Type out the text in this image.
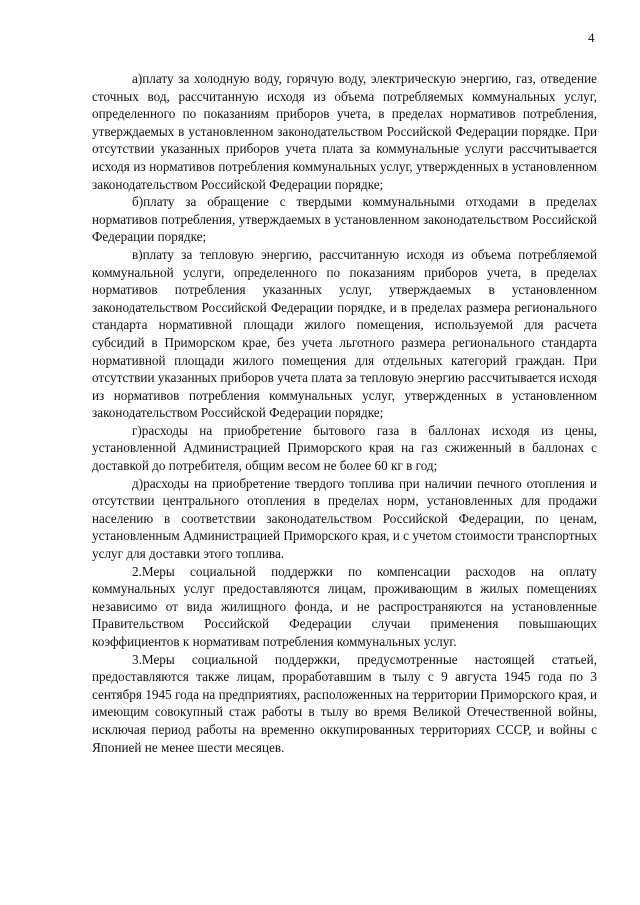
4

а)плату за холодную воду, горячую воду, электрическую энергию, газ, отведение сточных вод, рассчитанную исходя из объема потребляемых коммунальных услуг, определенного по показаниям приборов учета, в пределах нормативов потребления, утверждаемых в установленном законодательством Российской Федерации порядке. При отсутствии указанных приборов учета плата за коммунальные услуги рассчитывается исходя из нормативов потребления коммунальных услуг, утвержденных в установленном законодательством Российской Федерации порядке;

б)плату за обращение с твердыми коммунальными отходами в пределах нормативов потребления, утверждаемых в установленном законодательством Российской Федерации порядке;

в)плату за тепловую энергию, рассчитанную исходя из объема потребляемой коммунальной услуги, определенного по показаниям приборов учета, в пределах нормативов потребления указанных услуг, утверждаемых в установленном законодательством Российской Федерации порядке, и в пределах размера регионального стандарта нормативной площади жилого помещения, используемой для расчета субсидий в Приморском крае, без учета льготного размера регионального стандарта нормативной площади жилого помещения для отдельных категорий граждан. При отсутствии указанных приборов учета плата за тепловую энергию рассчитывается исходя из нормативов потребления коммунальных услуг, утвержденных в установленном законодательством Российской Федерации порядке;

г)расходы на приобретение бытового газа в баллонах исходя из цены, установленной Администрацией Приморского края на газ сжиженный в баллонах с доставкой до потребителя, общим весом не более 60 кг в год;

д)расходы на приобретение твердого топлива при наличии печного отопления и отсутствии центрального отопления в пределах норм, установленных для продажи населению в соответствии законодательством Российской Федерации, по ценам, установленным Администрацией Приморского края, и с учетом стоимости транспортных услуг для доставки этого топлива.

2.Меры социальной поддержки по компенсации расходов на оплату коммунальных услуг предоставляются лицам, проживающим в жилых помещениях независимо от вида жилищного фонда, и не распространяются на установленные Правительством Российской Федерации случаи применения повышающих коэффициентов к нормативам потребления коммунальных услуг.

3.Меры социальной поддержки, предусмотренные настоящей статьей, предоставляются также лицам, проработавшим в тылу с 9 августа 1945 года по 3 сентября 1945 года на предприятиях, расположенных на территории Приморского края, и имеющим совокупный стаж работы в тылу во время Великой Отечественной войны, исключая период работы на временно оккупированных территориях СССР, и войны с Японией не менее шести месяцев.
